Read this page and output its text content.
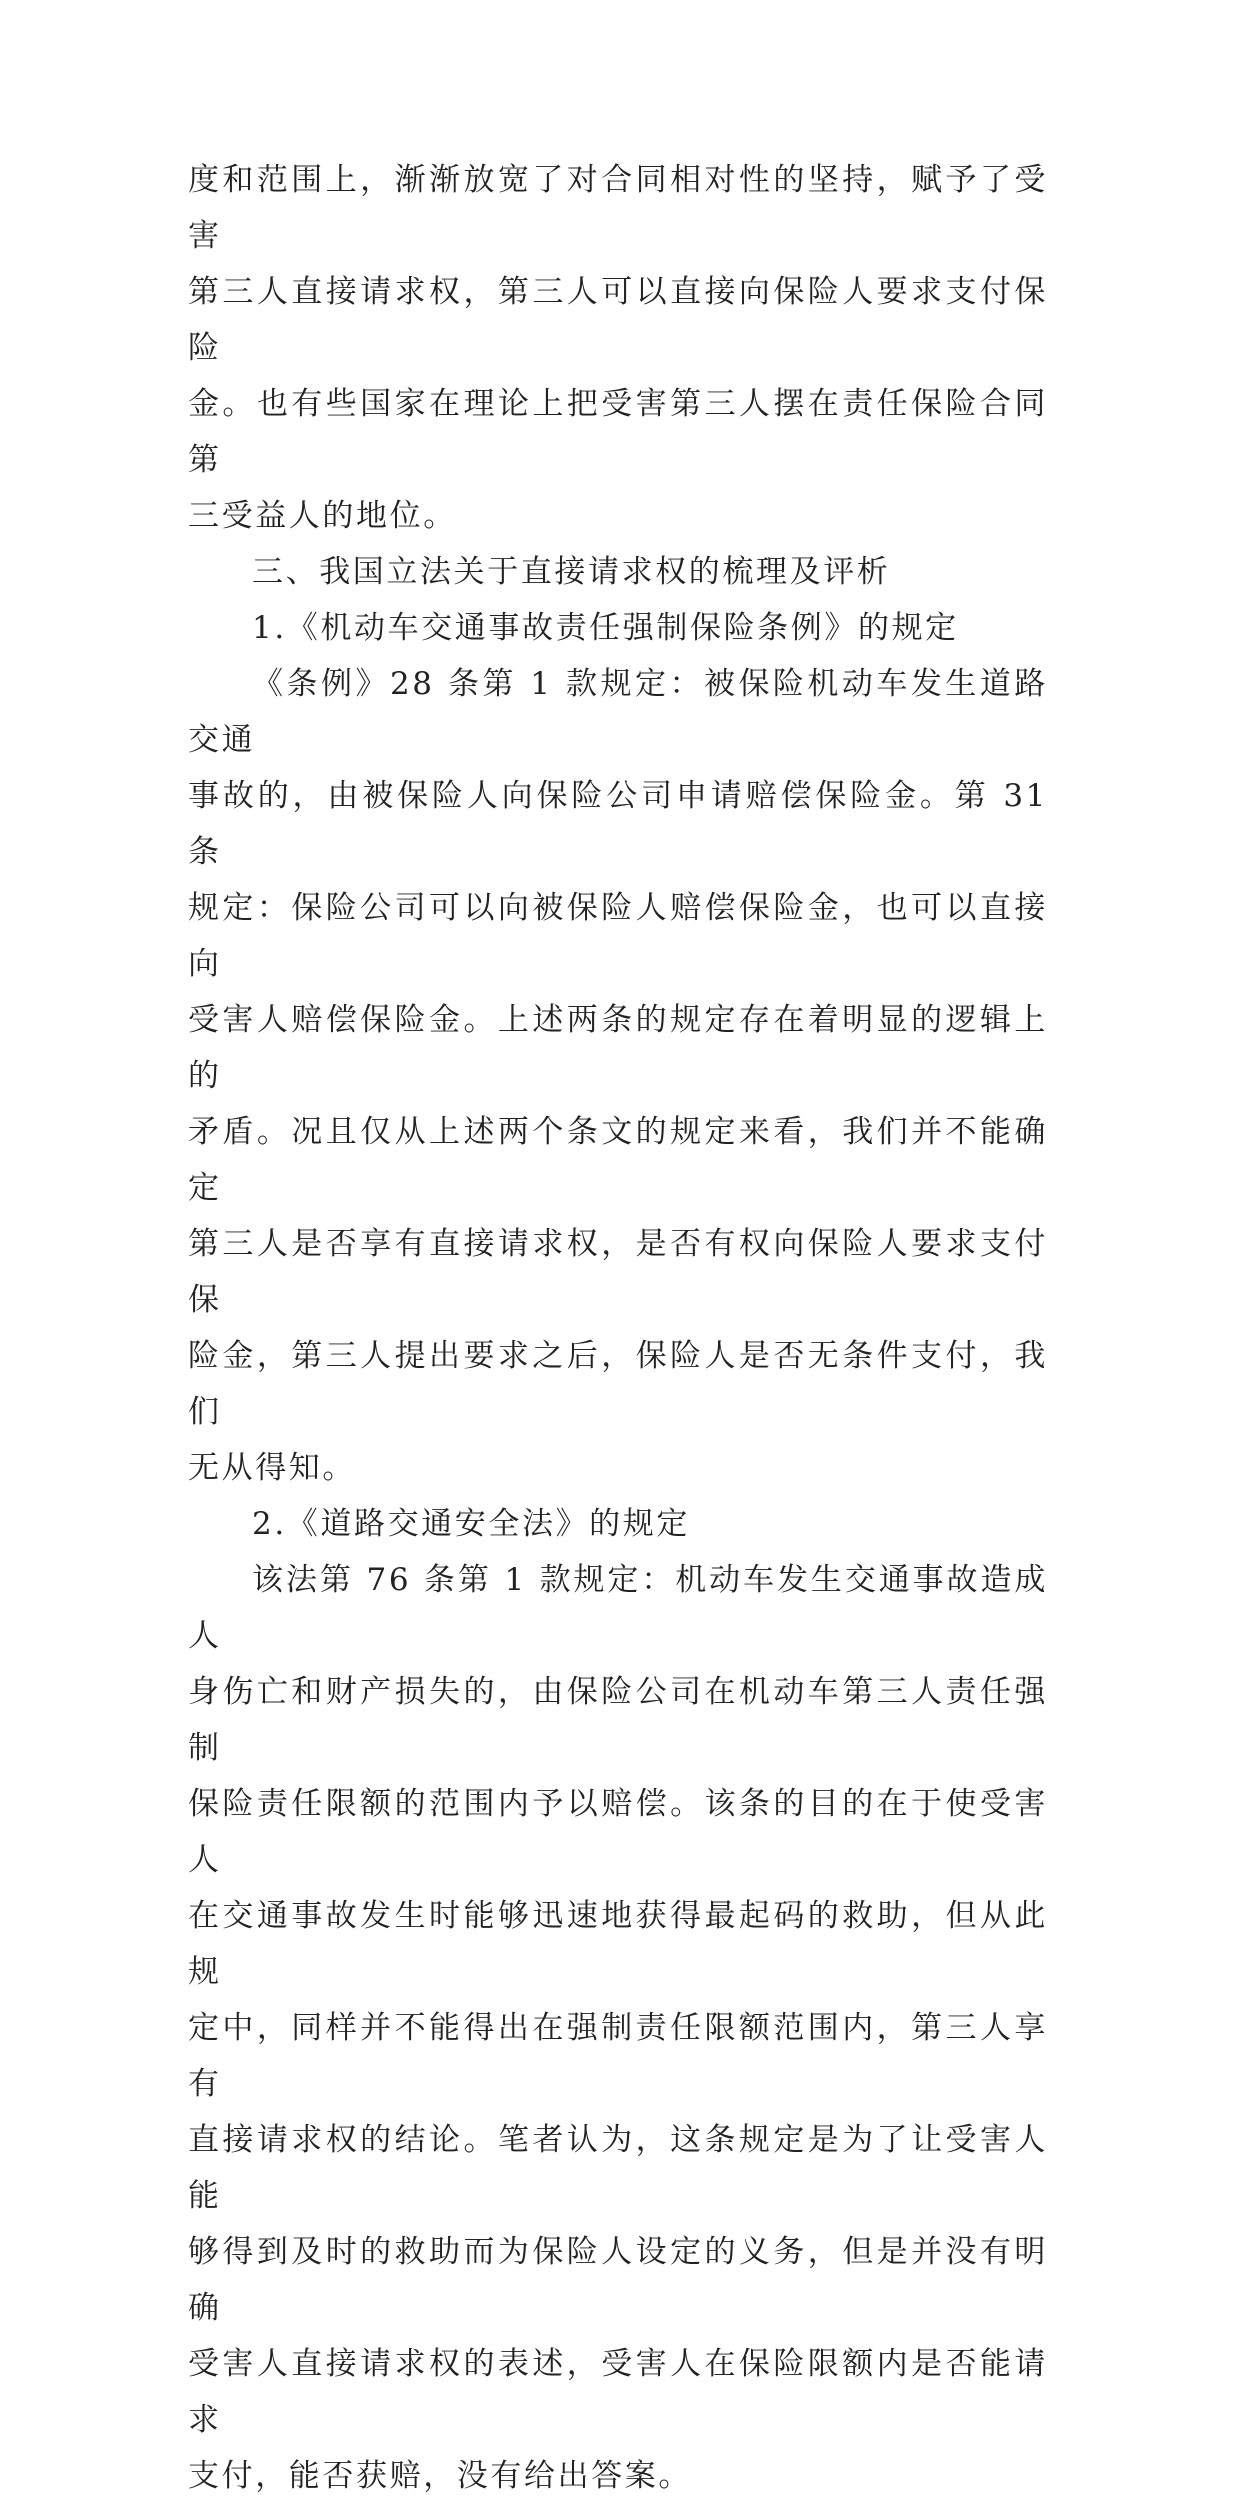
度和范围上，渐渐放宽了对合同相对性的坚持，赋予了受害
第三人直接请求权，第三人可以直接向保险人要求支付保险
金。也有些国家在理论上把受害第三人摆在责任保险合同第
三受益人的地位。

三、我国立法关于直接请求权的梳理及评析

1.《机动车交通事故责任强制保险条例》的规定

《条例》28 条第 1 款规定：被保险机动车发生道路交通
事故的，由被保险人向保险公司申请赔偿保险金。第 31 条
规定：保险公司可以向被保险人赔偿保险金，也可以直接向
受害人赔偿保险金。上述两条的规定存在着明显的逻辑上的
矛盾。况且仅从上述两个条文的规定来看，我们并不能确定
第三人是否享有直接请求权，是否有权向保险人要求支付保
险金，第三人提出要求之后，保险人是否无条件支付，我们
无从得知。

2.《道路交通安全法》的规定

该法第 76 条第 1 款规定：机动车发生交通事故造成人
身伤亡和财产损失的，由保险公司在机动车第三人责任强制
保险责任限额的范围内予以赔偿。该条的目的在于使受害人
在交通事故发生时能够迅速地获得最起码的救助，但从此规
定中，同样并不能得出在强制责任限额范围内，第三人享有
直接请求权的结论。笔者认为，这条规定是为了让受害人能
够得到及时的救助而为保险人设定的义务，但是并没有明确
受害人直接请求权的表述，受害人在保险限额内是否能请求
支付，能否获赔，没有给出答案。
